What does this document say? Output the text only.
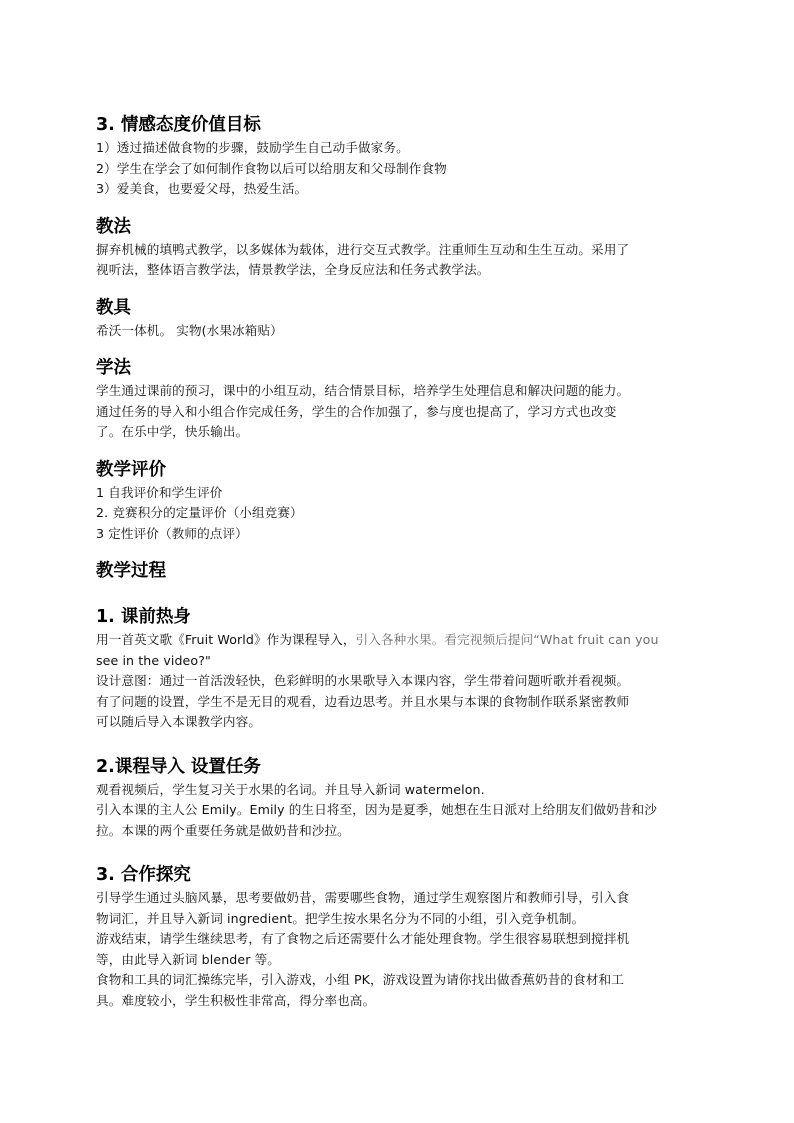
3. 情感态度价值目标
1）透过描述做食物的步骤，鼓励学生自己动手做家务。
2）学生在学会了如何制作食物以后可以给朋友和父母制作食物
3）爱美食，也要爱父母，热爱生活。
教法
摒弃机械的填鸭式教学，以多媒体为载体，进行交互式教学。注重师生互动和生生互动。采用了
视听法，整体语言教学法，情景教学法，全身反应法和任务式教学法。
教具
希沃一体机。 实物(水果冰箱贴）
学法
学生通过课前的预习，课中的小组互动，结合情景目标，培养学生处理信息和解决问题的能力。
通过任务的导入和小组合作完成任务，学生的合作加强了，参与度也提高了，学习方式也改变
了。在乐中学，快乐输出。
教学评价
1 自我评价和学生评价
2. 竞赛积分的定量评价（小组竞赛）
3 定性评价（教师的点评）
教学过程
1. 课前热身
用一首英文歌《Fruit World》作为课程导入，引入各种水果。看完视频后提问“What fruit can you
see in the video?"
设计意图：通过一首活泼轻快，色彩鲜明的水果歌导入本课内容，学生带着问题听歌并看视频。
有了问题的设置，学生不是无目的观看，边看边思考。并且水果与本课的食物制作联系紧密教师
可以随后导入本课教学内容。
2.课程导入 设置任务
观看视频后，学生复习关于水果的名词。并且导入新词 watermelon.
引入本课的主人公 Emily。Emily 的生日将至，因为是夏季，她想在生日派对上给朋友们做奶昔和沙
拉。本课的两个重要任务就是做奶昔和沙拉。
3. 合作探究
引导学生通过头脑风暴，思考要做奶昔，需要哪些食物，通过学生观察图片和教师引导，引入食
物词汇，并且导入新词 ingredient。把学生按水果名分为不同的小组，引入竞争机制。
游戏结束，请学生继续思考，有了食物之后还需要什么才能处理食物。学生很容易联想到搅拌机
等，由此导入新词 blender 等。
食物和工具的词汇操练完毕，引入游戏，小组 PK，游戏设置为请你找出做香蕉奶昔的食材和工
具。难度较小，学生积极性非常高，得分率也高。
